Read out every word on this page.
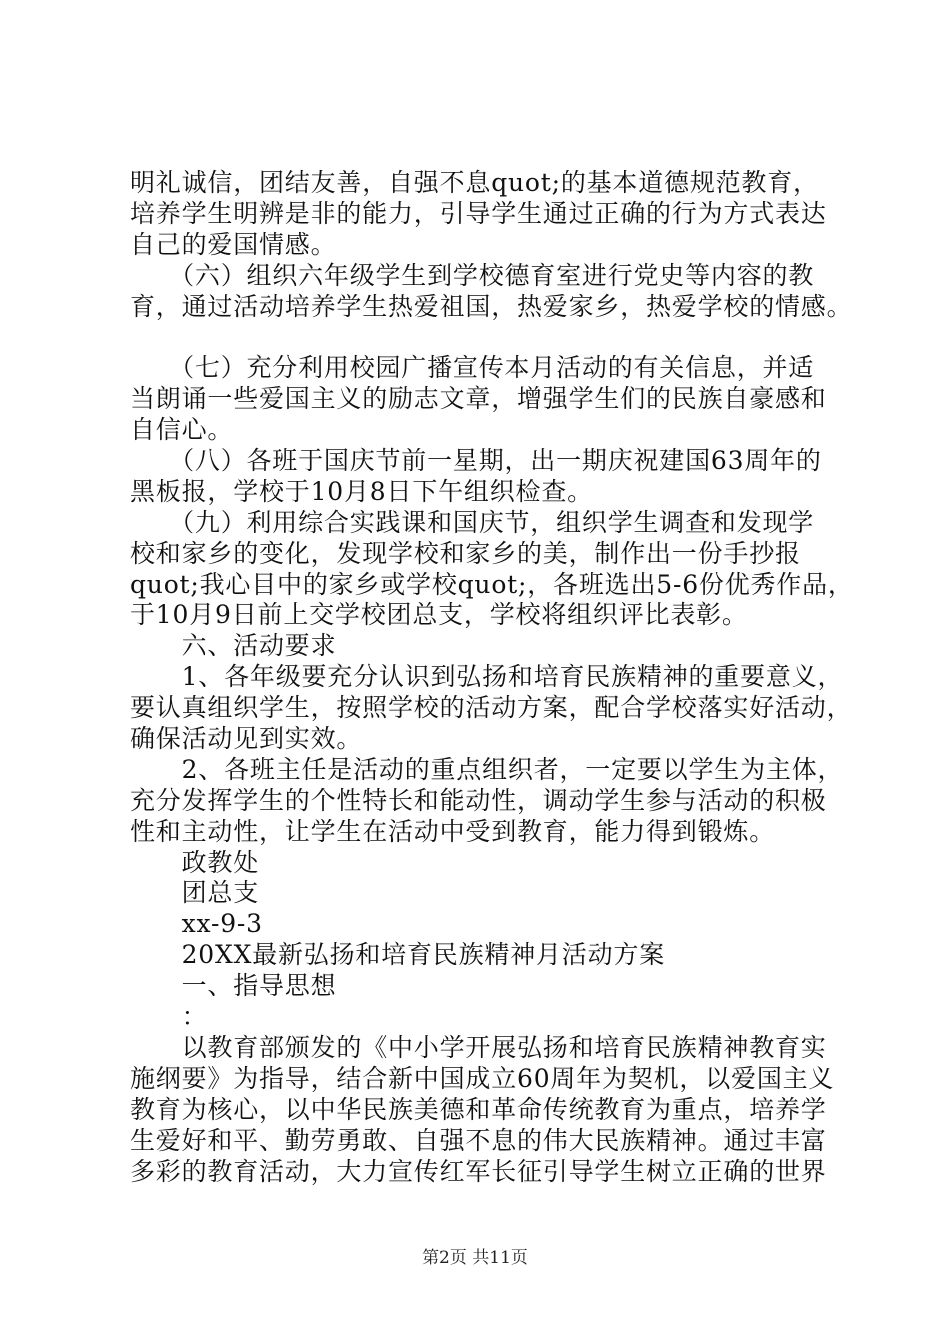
明礼诚信，团结友善，自强不息quot;的基本道德规范教育，
培养学生明辨是非的能力，引导学生通过正确的行为方式表达
自己的爱国情感。
　　（六）组织六年级学生到学校德育室进行党史等内容的教
育，通过活动培养学生热爱祖国，热爱家乡，热爱学校的情感。
　　（七）充分利用校园广播宣传本月活动的有关信息，并适
当朗诵一些爱国主义的励志文章，增强学生们的民族自豪感和
自信心。
　　（八）各班于国庆节前一星期，出一期庆祝建国63周年的
黑板报，学校于10月8日下午组织检查。
　　（九）利用综合实践课和国庆节，组织学生调查和发现学
校和家乡的变化，发现学校和家乡的美，制作出一份手抄报
quot;我心目中的家乡或学校quot;，各班选出5-6份优秀作品，
于10月9日前上交学校团总支，学校将组织评比表彰。
　　六、活动要求
　　1、各年级要充分认识到弘扬和培育民族精神的重要意义，
要认真组织学生，按照学校的活动方案，配合学校落实好活动，
确保活动见到实效。
　　2、各班主任是活动的重点组织者，一定要以学生为主体，
充分发挥学生的个性特长和能动性，调动学生参与活动的积极
性和主动性，让学生在活动中受到教育，能力得到锻炼。
　　政教处
　　团总支
　　xx-9-3
　　20XX最新弘扬和培育民族精神月活动方案
　　一、指导思想
　　：
　　以教育部颁发的《中小学开展弘扬和培育民族精神教育实
施纲要》为指导，结合新中国成立60周年为契机，以爱国主义
教育为核心，以中华民族美德和革命传统教育为重点，培养学
生爱好和平、勤劳勇敢、自强不息的伟大民族精神。通过丰富
多彩的教育活动，大力宣传红军长征引导学生树立正确的世界
第2页 共11页
